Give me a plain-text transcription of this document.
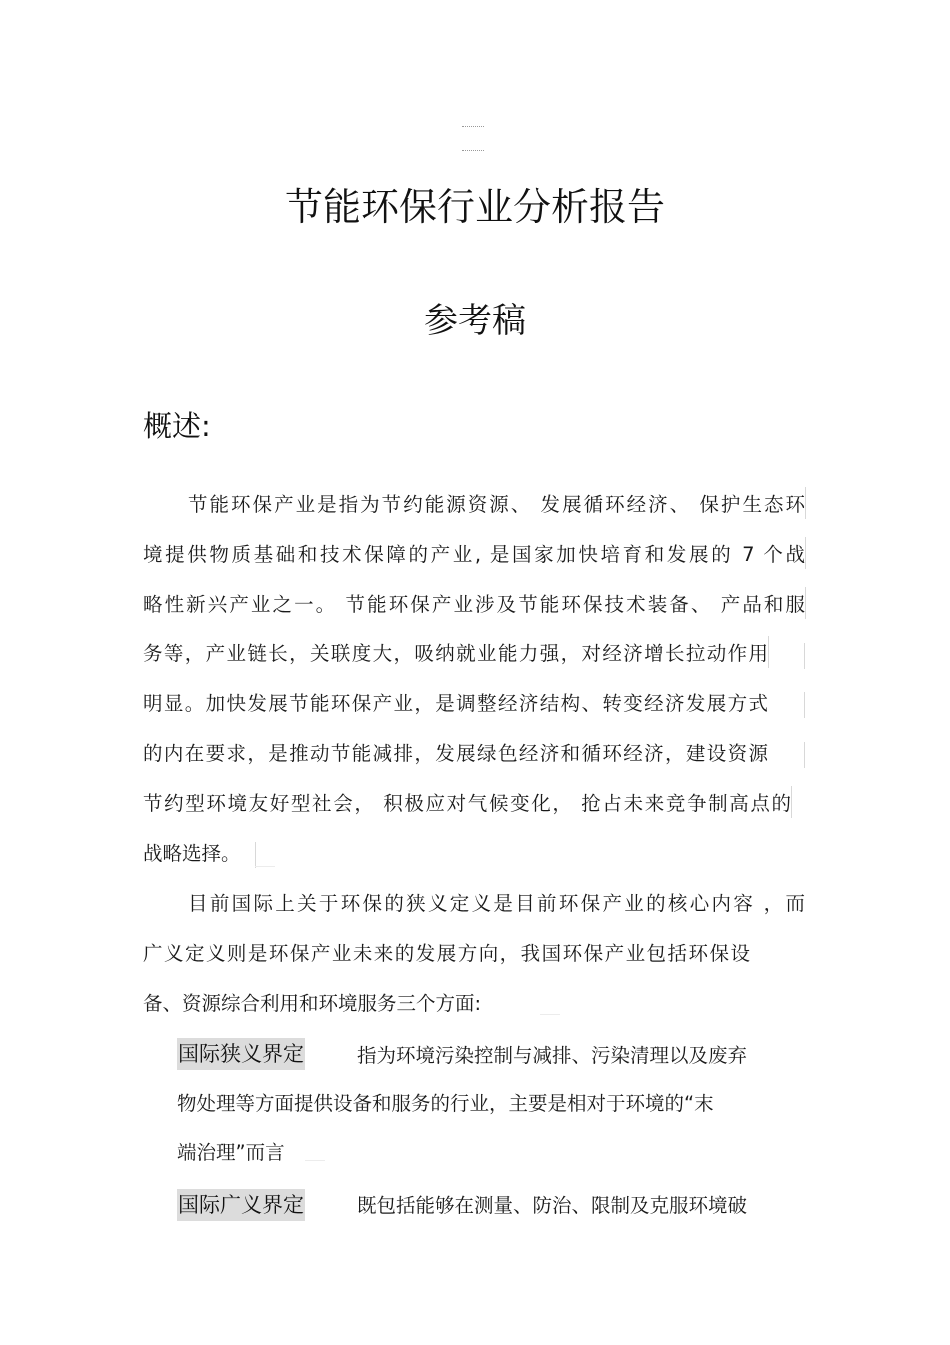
节能环保行业分析报告
参考稿
概述:
节能环保产业是指为节约能源资源、 发展循环经济、 保护生态环
境提供物质基础和技术保障的产业, 是国家加快培育和发展的 7 个战
略性新兴产业之一。 节能环保产业涉及节能环保技术装备、 产品和服
务等，产业链长，关联度大，吸纳就业能力强，对经济增长拉动作用
明显。加快发展节能环保产业，是调整经济结构、转变经济发展方式
的内在要求，是推动节能减排，发展绿色经济和循环经济，建设资源
节约型环境友好型社会， 积极应对气候变化， 抢占未来竞争制高点的
战略选择。
目前国际上关于环保的狭义定义是目前环保产业的核心内容 ，而
广义定义则是环保产业未来的发展方向，我国环保产业包括环保设
备、资源综合利用和环境服务三个方面:
国际狭义界定	指为环境污染控制与减排、污染清理以及废弃
物处理等方面提供设备和服务的行业，主要是相对于环境的“末
端治理”而言
国际广义界定	既包括能够在测量、防治、限制及克服环境破
